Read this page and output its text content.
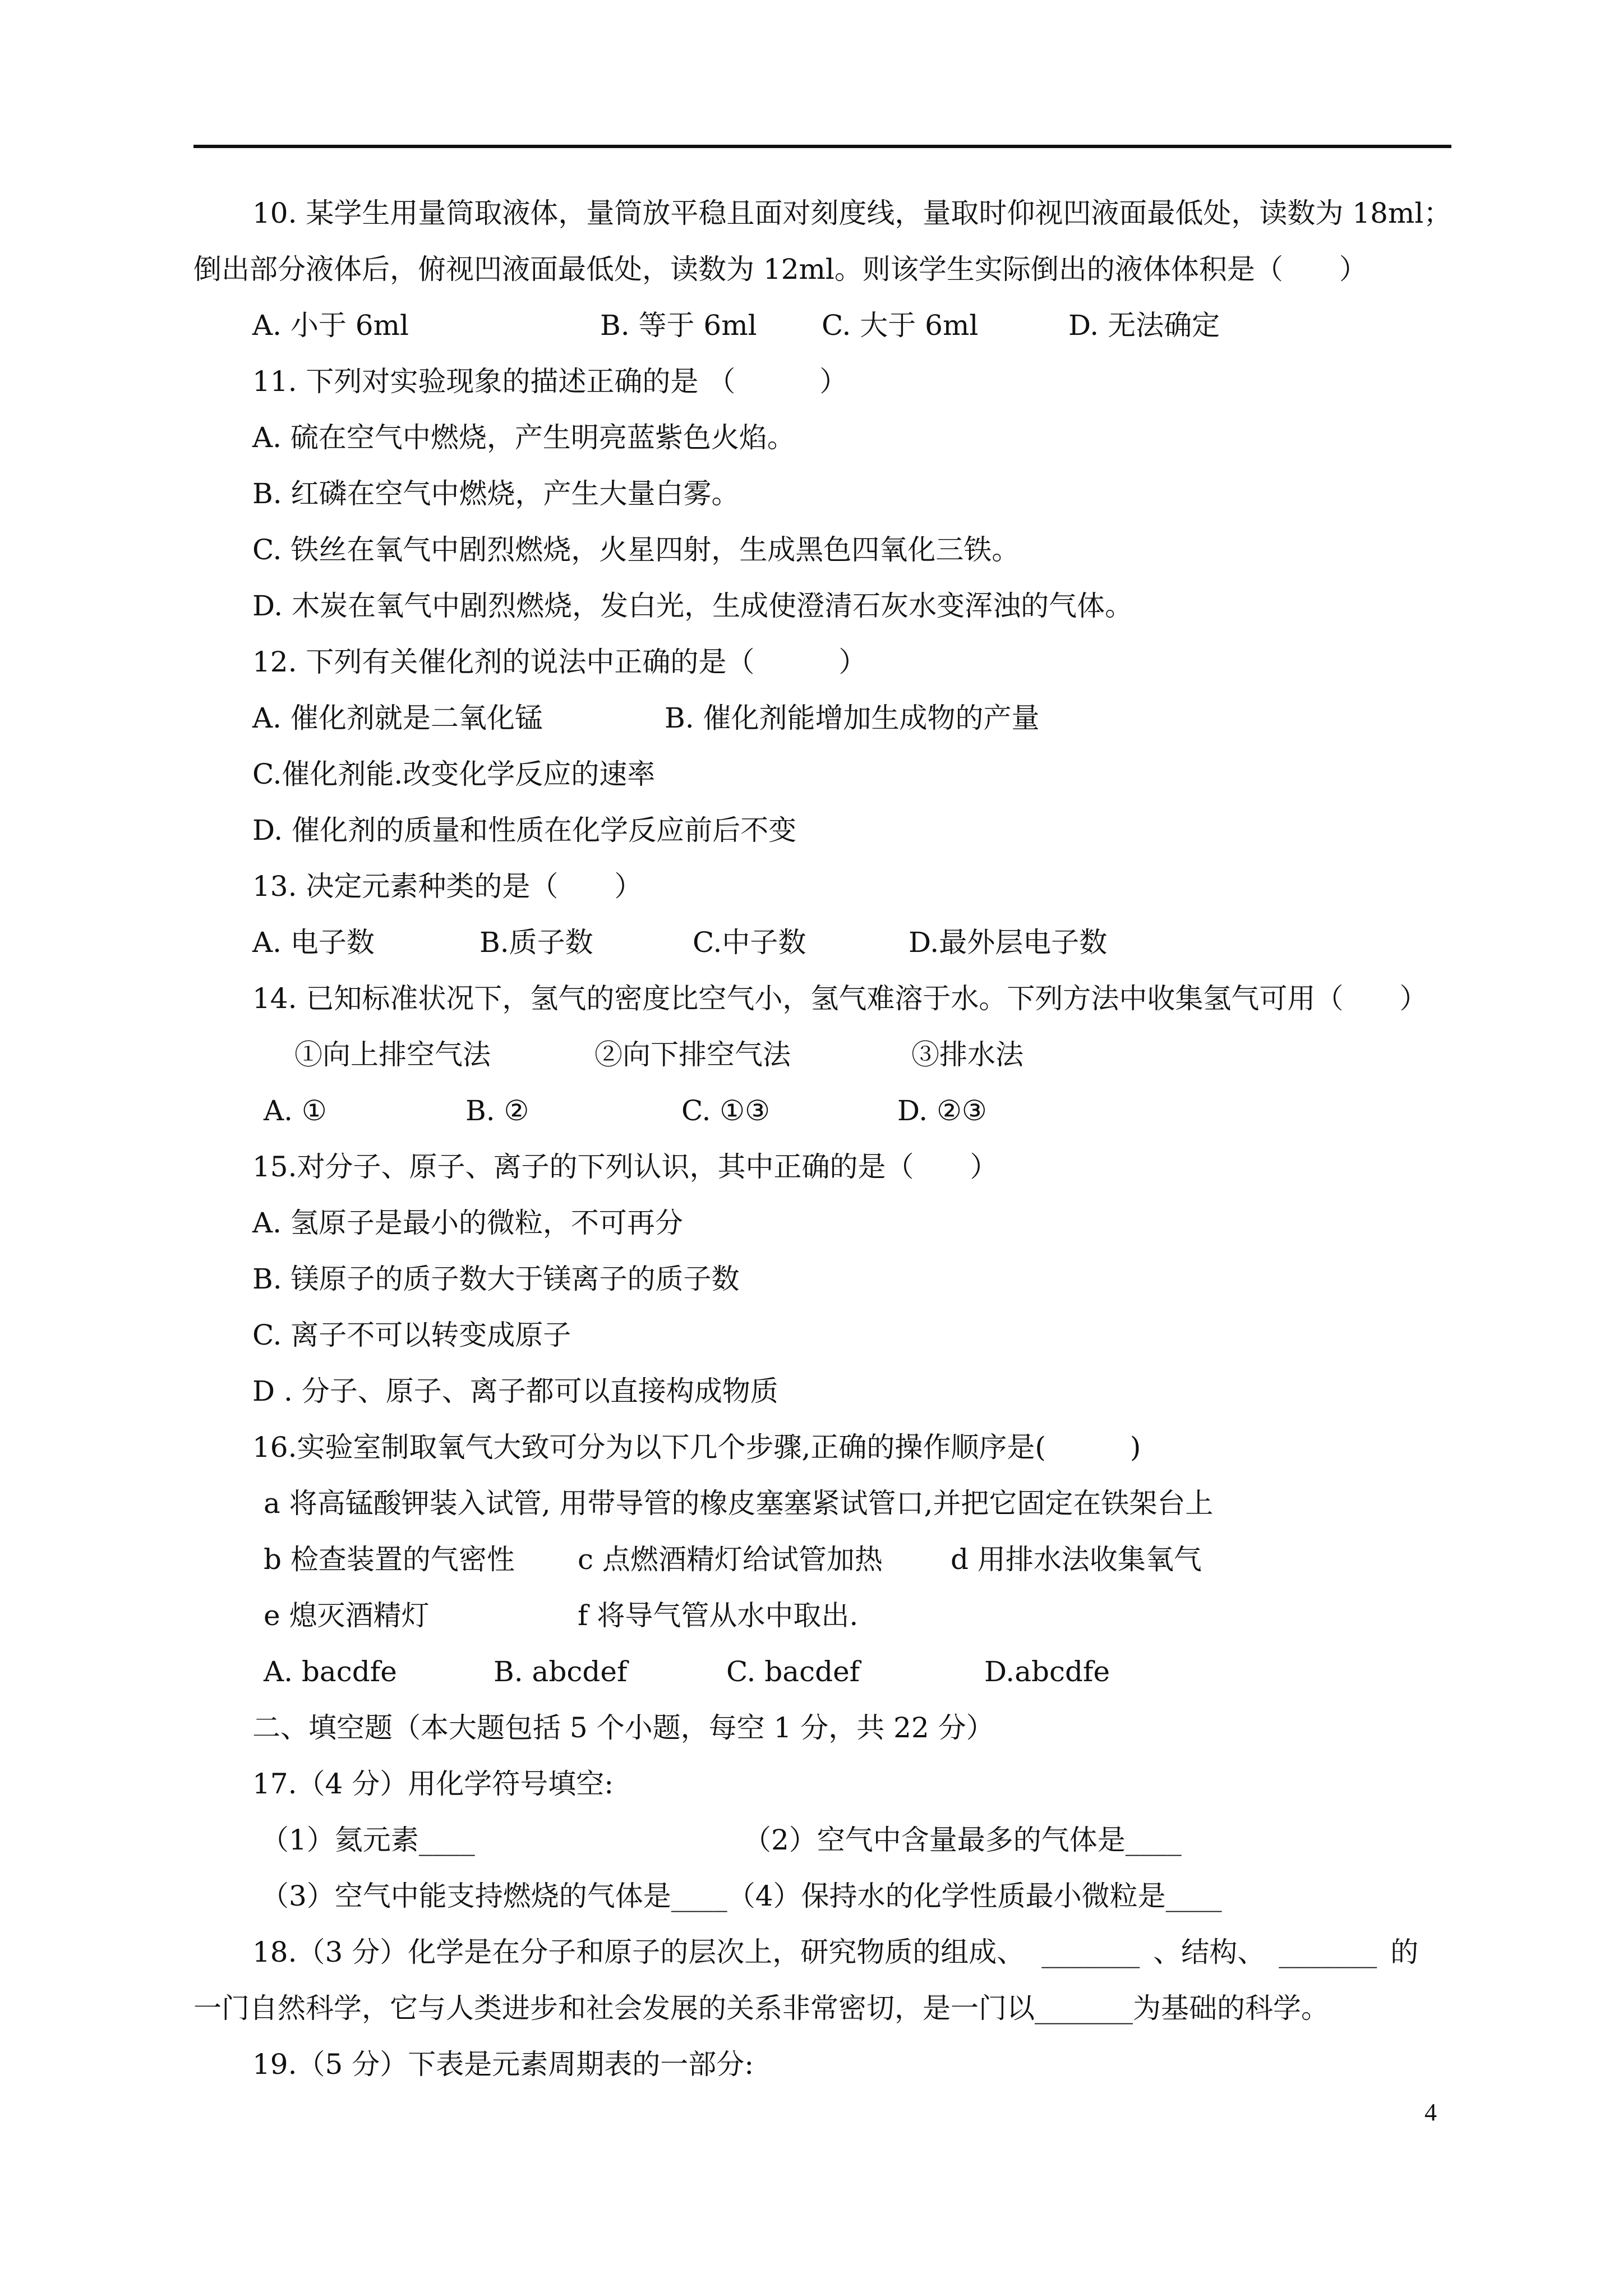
10. 某学生用量筒取液体，量筒放平稳且面对刻度线，量取时仰视凹液面最低处，读数为 18ml；
倒出部分液体后，俯视凹液面最低处，读数为 12ml。则该学生实际倒出的液体体积是（　　）
A. 小于 6ml	B. 等于 6ml	C. 大于 6ml	D. 无法确定
11. 下列对实验现象的描述正确的是 （　　　）
A. 硫在空气中燃烧，产生明亮蓝紫色火焰。
B. 红磷在空气中燃烧，产生大量白雾。
C. 铁丝在氧气中剧烈燃烧，火星四射，生成黑色四氧化三铁。
D. 木炭在氧气中剧烈燃烧，发白光，生成使澄清石灰水变浑浊的气体。
12. 下列有关催化剂的说法中正确的是（　　　）
A. 催化剂就是二氧化锰	B. 催化剂能增加生成物的产量
C.催化剂能.改变化学反应的速率
D. 催化剂的质量和性质在化学反应前后不变
13. 决定元素种类的是（　　）
A. 电子数	B.质子数	C.中子数	D.最外层电子数
14. 已知标准状况下，氢气的密度比空气小，氢气难溶于水。下列方法中收集氢气可用（　　）
①向上排空气法	②向下排空气法	③排水法
A. ①	B. ②	C. ①③	D. ②③
15.对分子、原子、离子的下列认识，其中正确的是（　　）
A. 氢原子是最小的微粒，不可再分
B. 镁原子的质子数大于镁离子的质子数
C. 离子不可以转变成原子
D . 分子、原子、离子都可以直接构成物质
16.实验室制取氧气大致可分为以下几个步骤,正确的操作顺序是(　　　)
a 将高锰酸钾装入试管, 用带导管的橡皮塞塞紧试管口,并把它固定在铁架台上
b 检查装置的气密性	c 点燃酒精灯给试管加热	d 用排水法收集氧气
e 熄灭酒精灯	f 将导气管从水中取出.
A. bacdfe	B. abcdef	C. bacdef	D.abcdfe
二、填空题（本大题包括 5 个小题，每空 1 分，共 22 分）
17.（4 分）用化学符号填空:
（1）氦元素____	（2）空气中含量最多的气体是____
（3）空气中能支持燃烧的气体是____（4）保持水的化学性质最小微粒是____
18.（3 分）化学是在分子和原子的层次上，研究物质的组成、 _______ 、结构、 _______ 的
一门自然科学，它与人类进步和社会发展的关系非常密切，是一门以 _______ 为基础的科学。
19.（5 分）下表是元素周期表的一部分:
4
